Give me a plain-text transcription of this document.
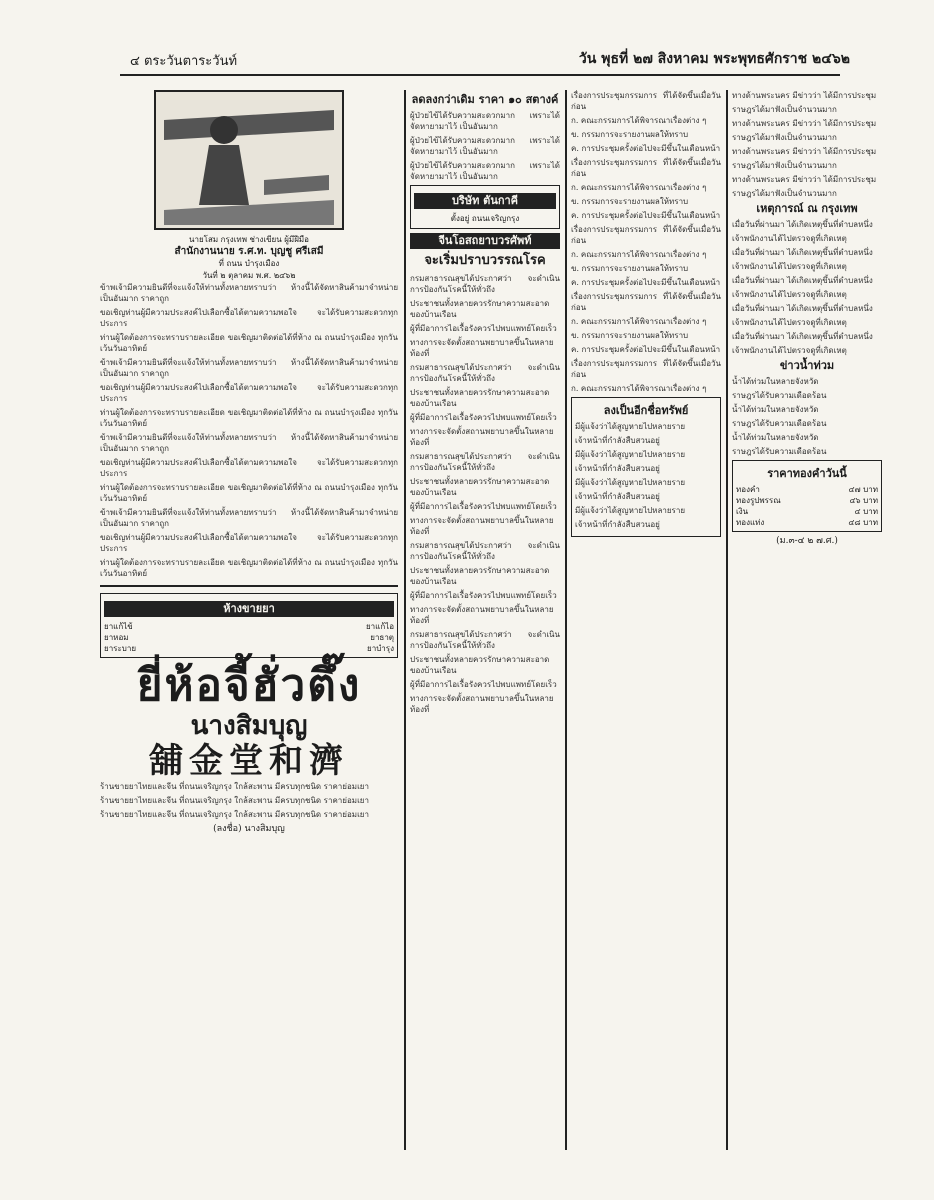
๔ ตระวันตาระวันท์	วัน พุธที่ ๒๗ สิงหาคม พระพุทธศักราช ๒๔๖๒
นายโสม กรุงเทพ ช่างเขียน ผู้มีฝีมือ
สำนักงานนาย ร.ศ.ท. บุญชู ศรีเสมี
ที่ ถนน บำรุงเมือง
วันที่ ๒ ตุลาคม พ.ศ. ๒๔๖๒

ข้าพเจ้ามีความยินดีที่จะแจ้งให้ท่านทั้งหลายทราบว่า ห้างนี้ได้จัดหาสินค้ามาจำหน่ายเป็นอันมาก ราคาถูก

ขอเชิญท่านผู้มีความประสงค์ไปเลือกซื้อได้ตามความพอใจ จะได้รับความสะดวกทุกประการ

ท่านผู้ใดต้องการจะทราบรายละเอียด ขอเชิญมาติดต่อได้ที่ห้าง ณ ถนนบำรุงเมือง ทุกวันเว้นวันอาทิตย์

ข้าพเจ้ามีความยินดีที่จะแจ้งให้ท่านทั้งหลายทราบว่า ห้างนี้ได้จัดหาสินค้ามาจำหน่ายเป็นอันมาก ราคาถูก

ขอเชิญท่านผู้มีความประสงค์ไปเลือกซื้อได้ตามความพอใจ จะได้รับความสะดวกทุกประการ

ท่านผู้ใดต้องการจะทราบรายละเอียด ขอเชิญมาติดต่อได้ที่ห้าง ณ ถนนบำรุงเมือง ทุกวันเว้นวันอาทิตย์

ข้าพเจ้ามีความยินดีที่จะแจ้งให้ท่านทั้งหลายทราบว่า ห้างนี้ได้จัดหาสินค้ามาจำหน่ายเป็นอันมาก ราคาถูก

ขอเชิญท่านผู้มีความประสงค์ไปเลือกซื้อได้ตามความพอใจ จะได้รับความสะดวกทุกประการ

ท่านผู้ใดต้องการจะทราบรายละเอียด ขอเชิญมาติดต่อได้ที่ห้าง ณ ถนนบำรุงเมือง ทุกวันเว้นวันอาทิตย์

ข้าพเจ้ามีความยินดีที่จะแจ้งให้ท่านทั้งหลายทราบว่า ห้างนี้ได้จัดหาสินค้ามาจำหน่ายเป็นอันมาก ราคาถูก

ขอเชิญท่านผู้มีความประสงค์ไปเลือกซื้อได้ตามความพอใจ จะได้รับความสะดวกทุกประการ

ท่านผู้ใดต้องการจะทราบรายละเอียด ขอเชิญมาติดต่อได้ที่ห้าง ณ ถนนบำรุงเมือง ทุกวันเว้นวันอาทิตย์

ห้างขายยา
ยาแก้ไข้	ยาแก้ไอ
ยาหอม	ยาธาตุ
ยาระบาย	ยาบำรุง
ยี่ห้อจี้ฮั่วตึ๊ง
นางสิมบุญ
舖金堂和濟

ร้านขายยาไทยและจีน ที่ถนนเจริญกรุง ใกล้สะพาน มีครบทุกชนิด ราคาย่อมเยา

ร้านขายยาไทยและจีน ที่ถนนเจริญกรุง ใกล้สะพาน มีครบทุกชนิด ราคาย่อมเยา

ร้านขายยาไทยและจีน ที่ถนนเจริญกรุง ใกล้สะพาน มีครบทุกชนิด ราคาย่อมเยา

(ลงชื่อ) นางสิมบุญ
ลดลงกว่าเดิม ราคา ๑๐ สตางค์

ผู้ป่วยไข้ได้รับความสะดวกมาก เพราะได้จัดหายามาไว้ เป็นอันมาก

ผู้ป่วยไข้ได้รับความสะดวกมาก เพราะได้จัดหายามาไว้ เป็นอันมาก

ผู้ป่วยไข้ได้รับความสะดวกมาก เพราะได้จัดหายามาไว้ เป็นอันมาก

บริษัท ตันกาคี
ตั้งอยู่ ถนนเจริญกรุง
จีนโอสถยาบวรศัพท์
จะเริ่มปราบวรรณโรค

กรมสาธารณสุขได้ประกาศว่า จะดำเนินการป้องกันโรคนี้ให้ทั่วถึง

ประชาชนทั้งหลายควรรักษาความสะอาดของบ้านเรือน

ผู้ที่มีอาการไอเรื้อรังควรไปพบแพทย์โดยเร็ว

ทางการจะจัดตั้งสถานพยาบาลขึ้นในหลายท้องที่

กรมสาธารณสุขได้ประกาศว่า จะดำเนินการป้องกันโรคนี้ให้ทั่วถึง

ประชาชนทั้งหลายควรรักษาความสะอาดของบ้านเรือน

ผู้ที่มีอาการไอเรื้อรังควรไปพบแพทย์โดยเร็ว

ทางการจะจัดตั้งสถานพยาบาลขึ้นในหลายท้องที่

กรมสาธารณสุขได้ประกาศว่า จะดำเนินการป้องกันโรคนี้ให้ทั่วถึง

ประชาชนทั้งหลายควรรักษาความสะอาดของบ้านเรือน

ผู้ที่มีอาการไอเรื้อรังควรไปพบแพทย์โดยเร็ว

ทางการจะจัดตั้งสถานพยาบาลขึ้นในหลายท้องที่

กรมสาธารณสุขได้ประกาศว่า จะดำเนินการป้องกันโรคนี้ให้ทั่วถึง

ประชาชนทั้งหลายควรรักษาความสะอาดของบ้านเรือน

ผู้ที่มีอาการไอเรื้อรังควรไปพบแพทย์โดยเร็ว

ทางการจะจัดตั้งสถานพยาบาลขึ้นในหลายท้องที่

กรมสาธารณสุขได้ประกาศว่า จะดำเนินการป้องกันโรคนี้ให้ทั่วถึง

ประชาชนทั้งหลายควรรักษาความสะอาดของบ้านเรือน

ผู้ที่มีอาการไอเรื้อรังควรไปพบแพทย์โดยเร็ว

ทางการจะจัดตั้งสถานพยาบาลขึ้นในหลายท้องที่

เรื่องการประชุมกรรมการ ที่ได้จัดขึ้นเมื่อวันก่อน

ก. คณะกรรมการได้พิจารณาเรื่องต่าง ๆ

ข. กรรมการจะรายงานผลให้ทราบ

ค. การประชุมครั้งต่อไปจะมีขึ้นในเดือนหน้า

เรื่องการประชุมกรรมการ ที่ได้จัดขึ้นเมื่อวันก่อน

ก. คณะกรรมการได้พิจารณาเรื่องต่าง ๆ

ข. กรรมการจะรายงานผลให้ทราบ

ค. การประชุมครั้งต่อไปจะมีขึ้นในเดือนหน้า

เรื่องการประชุมกรรมการ ที่ได้จัดขึ้นเมื่อวันก่อน

ก. คณะกรรมการได้พิจารณาเรื่องต่าง ๆ

ข. กรรมการจะรายงานผลให้ทราบ

ค. การประชุมครั้งต่อไปจะมีขึ้นในเดือนหน้า

เรื่องการประชุมกรรมการ ที่ได้จัดขึ้นเมื่อวันก่อน

ก. คณะกรรมการได้พิจารณาเรื่องต่าง ๆ

ข. กรรมการจะรายงานผลให้ทราบ

ค. การประชุมครั้งต่อไปจะมีขึ้นในเดือนหน้า

เรื่องการประชุมกรรมการ ที่ได้จัดขึ้นเมื่อวันก่อน

ก. คณะกรรมการได้พิจารณาเรื่องต่าง ๆ

ลงเป็นอีกชื่อทรัพย์

มีผู้แจ้งว่าได้สูญหายไปหลายราย

เจ้าหน้าที่กำลังสืบสวนอยู่

มีผู้แจ้งว่าได้สูญหายไปหลายราย

เจ้าหน้าที่กำลังสืบสวนอยู่

มีผู้แจ้งว่าได้สูญหายไปหลายราย

เจ้าหน้าที่กำลังสืบสวนอยู่

มีผู้แจ้งว่าได้สูญหายไปหลายราย

เจ้าหน้าที่กำลังสืบสวนอยู่

ทางด้านพระนคร มีข่าวว่า ได้มีการประชุม

ราษฎรได้มาฟังเป็นจำนวนมาก

ทางด้านพระนคร มีข่าวว่า ได้มีการประชุม

ราษฎรได้มาฟังเป็นจำนวนมาก

ทางด้านพระนคร มีข่าวว่า ได้มีการประชุม

ราษฎรได้มาฟังเป็นจำนวนมาก

ทางด้านพระนคร มีข่าวว่า ได้มีการประชุม

ราษฎรได้มาฟังเป็นจำนวนมาก

เหตุการณ์ ณ กรุงเทพ

เมื่อวันที่ผ่านมา ได้เกิดเหตุขึ้นที่ตำบลหนึ่ง

เจ้าพนักงานได้ไปตรวจดูที่เกิดเหตุ

เมื่อวันที่ผ่านมา ได้เกิดเหตุขึ้นที่ตำบลหนึ่ง

เจ้าพนักงานได้ไปตรวจดูที่เกิดเหตุ

เมื่อวันที่ผ่านมา ได้เกิดเหตุขึ้นที่ตำบลหนึ่ง

เจ้าพนักงานได้ไปตรวจดูที่เกิดเหตุ

เมื่อวันที่ผ่านมา ได้เกิดเหตุขึ้นที่ตำบลหนึ่ง

เจ้าพนักงานได้ไปตรวจดูที่เกิดเหตุ

เมื่อวันที่ผ่านมา ได้เกิดเหตุขึ้นที่ตำบลหนึ่ง

เจ้าพนักงานได้ไปตรวจดูที่เกิดเหตุ

ข่าวน้ำท่วม

น้ำได้ท่วมในหลายจังหวัด

ราษฎรได้รับความเดือดร้อน

น้ำได้ท่วมในหลายจังหวัด

ราษฎรได้รับความเดือดร้อน

น้ำได้ท่วมในหลายจังหวัด

ราษฎรได้รับความเดือดร้อน

ราคาทองคำวันนี้
ทองคำ	๔๗ บาท
ทองรูปพรรณ	๔๖ บาท
เงิน	๔ บาท
ทองแท่ง	๔๘ บาท
(ม.๓-๔ ๒ ๗.ศ.)
